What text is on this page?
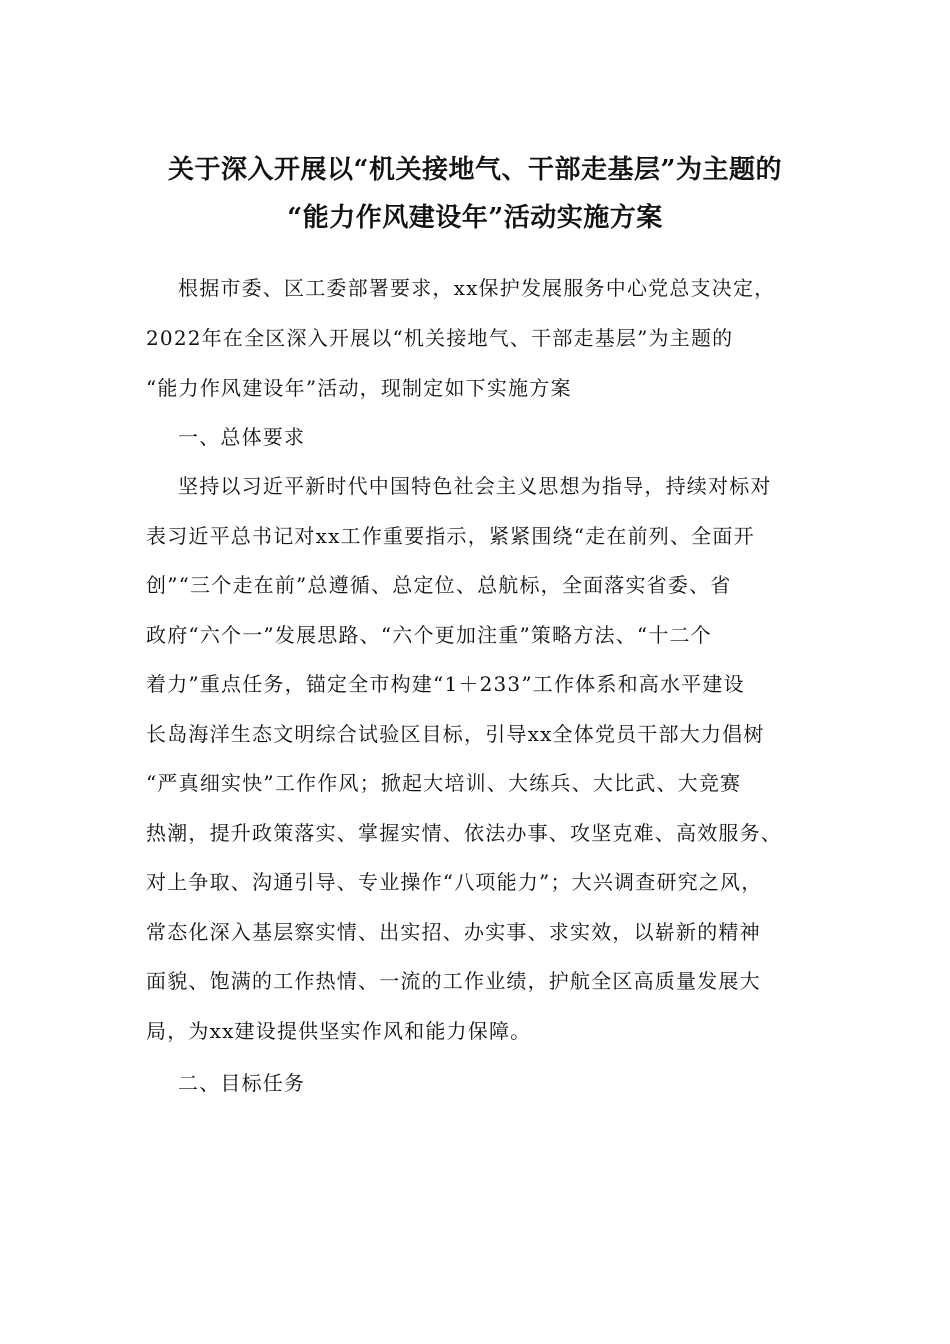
关于深入开展以“机关接地气、干部走基层”为主题的
“能力作风建设年”活动实施方案
根据市委、区工委部署要求，xx保护发展服务中心党总支决定，
2022年在全区深入开展以“机关接地气、干部走基层”为主题的
“能力作风建设年”活动，现制定如下实施方案
一、总体要求
坚持以习近平新时代中国特色社会主义思想为指导，持续对标对
表习近平总书记对xx工作重要指示，紧紧围绕“走在前列、全面开
创”“三个走在前”总遵循、总定位、总航标，全面落实省委、省
政府“六个一”发展思路、“六个更加注重”策略方法、“十二个
着力”重点任务，锚定全市构建“1＋233”工作体系和高水平建设
长岛海洋生态文明综合试验区目标，引导xx全体党员干部大力倡树
“严真细实快”工作作风；掀起大培训、大练兵、大比武、大竞赛
热潮，提升政策落实、掌握实情、依法办事、攻坚克难、高效服务、
对上争取、沟通引导、专业操作“八项能力”；大兴调查研究之风，
常态化深入基层察实情、出实招、办实事、求实效，以崭新的精神
面貌、饱满的工作热情、一流的工作业绩，护航全区高质量发展大
局，为xx建设提供坚实作风和能力保障。
二、目标任务
